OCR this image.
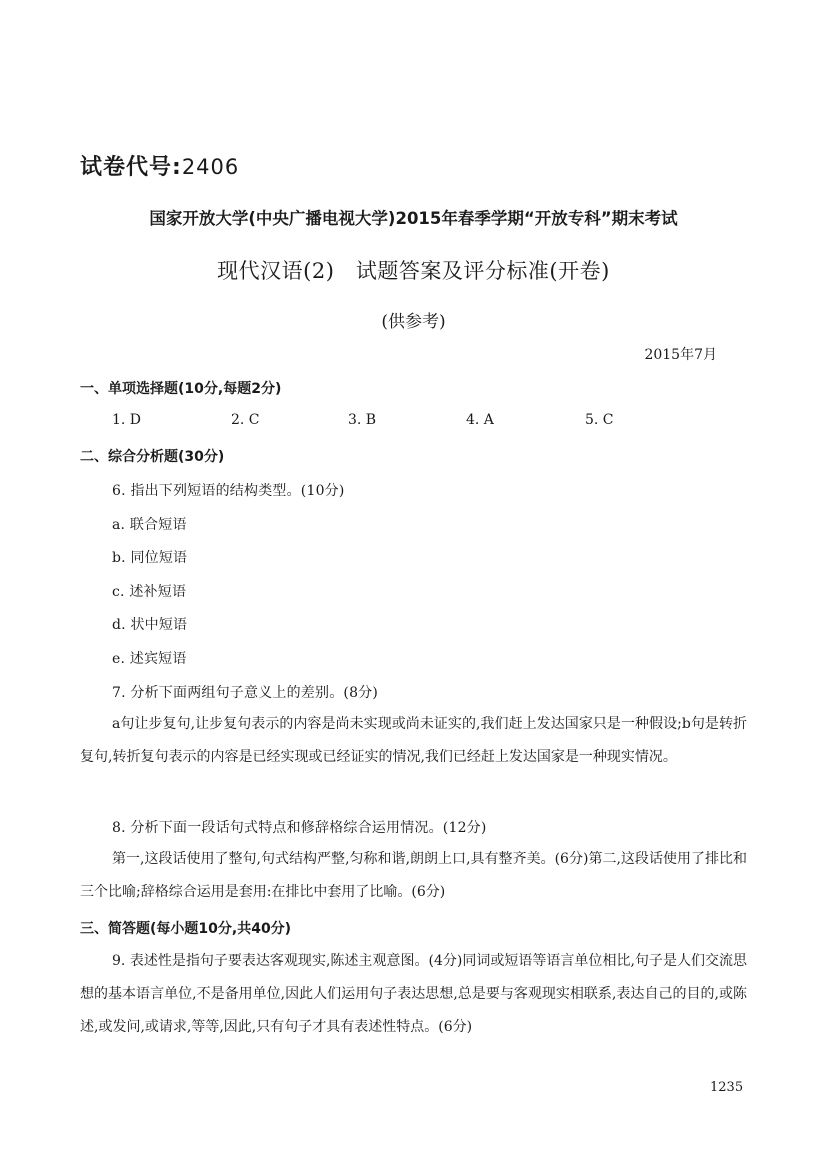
试卷代号:2406
国家开放大学(中央广播电视大学)2015年春季学期“开放专科”期末考试
现代汉语(2)　试题答案及评分标准(开卷)
(供参考)
2015年7月
一、单项选择题(10分,每题2分)
1. D	2. C	3. B	4. A	5. C
二、综合分析题(30分)
6. 指出下列短语的结构类型。(10分)
a. 联合短语
b. 同位短语
c. 述补短语
d. 状中短语
e. 述宾短语
7. 分析下面两组句子意义上的差别。(8分)
a句让步复句,让步复句表示的内容是尚未实现或尚未证实的,我们赶上发达国家只是一种假设;b句是转折复句,转折复句表示的内容是已经实现或已经证实的情况,我们已经赶上发达国家是一种现实情况。
8. 分析下面一段话句式特点和修辞格综合运用情况。(12分)
第一,这段话使用了整句,句式结构严整,匀称和谐,朗朗上口,具有整齐美。(6分)第二,这段话使用了排比和三个比喻;辞格综合运用是套用:在排比中套用了比喻。(6分)
三、简答题(每小题10分,共40分)
9. 表述性是指句子要表达客观现实,陈述主观意图。(4分)同词或短语等语言单位相比,句子是人们交流思想的基本语言单位,不是备用单位,因此人们运用句子表达思想,总是要与客观现实相联系,表达自己的目的,或陈述,或发问,或请求,等等,因此,只有句子才具有表述性特点。(6分)
1235
